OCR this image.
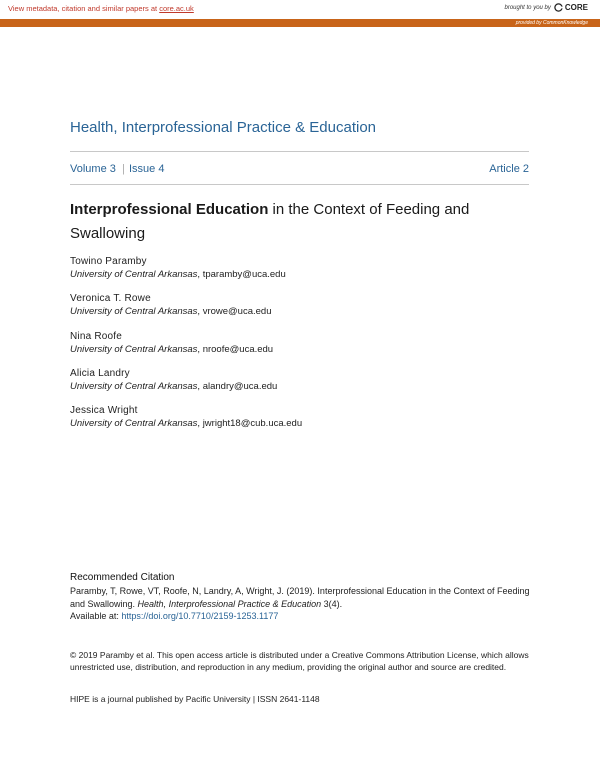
View metadata, citation and similar papers at core.ac.uk	brought to you by CORE
provided by CommonKnowledge
Health, Interprofessional Practice & Education
Volume 3 | Issue 4	Article 2
Interprofessional Education in the Context of Feeding and Swallowing
Towino Paramby
University of Central Arkansas, tparamby@uca.edu
Veronica T. Rowe
University of Central Arkansas, vrowe@uca.edu
Nina Roofe
University of Central Arkansas, nroofe@uca.edu
Alicia Landry
University of Central Arkansas, alandry@uca.edu
Jessica Wright
University of Central Arkansas, jwright18@cub.uca.edu
Recommended Citation
Paramby, T, Rowe, VT, Roofe, N, Landry, A, Wright, J. (2019). Interprofessional Education in the Context of Feeding and Swallowing. Health, Interprofessional Practice & Education 3(4).
Available at: https://doi.org/10.7710/2159-1253.1177
© 2019 Paramby et al. This open access article is distributed under a Creative Commons Attribution License, which allows unrestricted use, distribution, and reproduction in any medium, providing the original author and source are credited.
HIPE is a journal published by Pacific University | ISSN 2641-1148
